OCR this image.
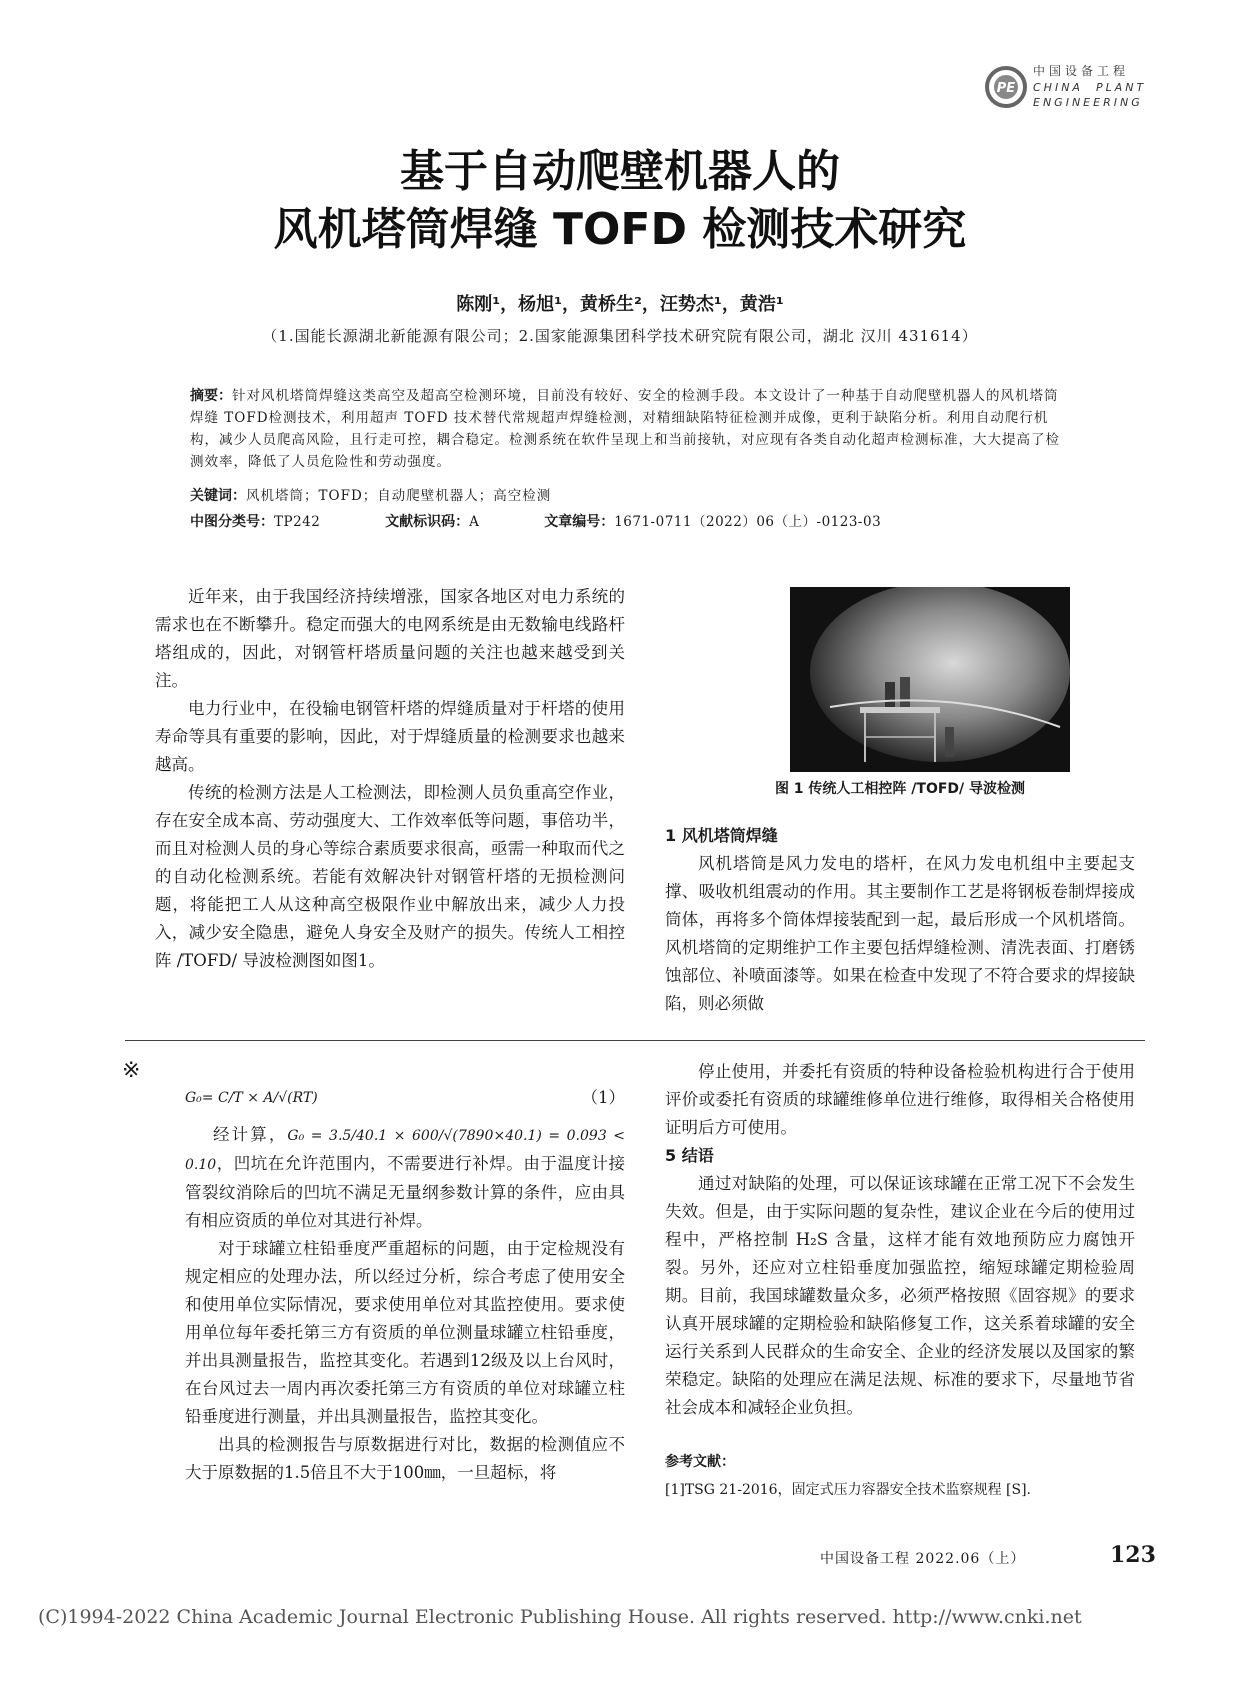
PE
中国设备工程
CHINA  PLANT
ENGINEERING
基于自动爬壁机器人的
风机塔筒焊缝 TOFD 检测技术研究
陈刚¹，杨旭¹，黄桥生²，汪势杰¹，黄浩¹
（1.国能长源湖北新能源有限公司；2.国家能源集团科学技术研究院有限公司，湖北 汉川 431614）
摘要：针对风机塔筒焊缝这类高空及超高空检测环境，目前没有较好、安全的检测手段。本文设计了一种基于自动爬壁机器人的风机塔筒焊缝 TOFD检测技术，利用超声 TOFD 技术替代常规超声焊缝检测，对精细缺陷特征检测并成像，更利于缺陷分析。利用自动爬行机构，减少人员爬高风险，且行走可控，耦合稳定。检测系统在软件呈现上和当前接轨，对应现有各类自动化超声检测标准，大大提高了检测效率，降低了人员危险性和劳动强度。
关键词：风机塔筒；TOFD；自动爬壁机器人；高空检测
中图分类号：TP242	文献标识码：A	文章编号：1671-0711（2022）06（上）-0123-03

近年来，由于我国经济持续增涨，国家各地区对电力系统的需求也在不断攀升。稳定而强大的电网系统是由无数输电线路杆塔组成的，因此，对钢管杆塔质量问题的关注也越来越受到关注。

电力行业中，在役输电钢管杆塔的焊缝质量对于杆塔的使用寿命等具有重要的影响，因此，对于焊缝质量的检测要求也越来越高。

传统的检测方法是人工检测法，即检测人员负重高空作业，存在安全成本高、劳动强度大、工作效率低等问题，事倍功半，而且对检测人员的身心等综合素质要求很高，亟需一种取而代之的自动化检测系统。若能有效解决针对钢管杆塔的无损检测问题，将能把工人从这种高空极限作业中解放出来，减少人力投入，减少安全隐患，避免人身安全及财产的损失。传统人工相控阵 /TOFD/ 导波检测图如图1。

图 1 传统人工相控阵 /TOFD/ 导波检测

1 风机塔筒焊缝

风机塔筒是风力发电的塔杆，在风力发电机组中主要起支撑、吸收机组震动的作用。其主要制作工艺是将钢板卷制焊接成筒体，再将多个筒体焊接装配到一起，最后形成一个风机塔筒。风机塔筒的定期维护工作主要包括焊缝检测、清洗表面、打磨锈蚀部位、补喷面漆等。如果在检查中发现了不符合要求的焊接缺陷，则必须做

※
G₀= C/T × A/√(RT)	（1）

经计算，G₀ = 3.5/40.1 × 600/√(7890×40.1) = 0.093 < 0.10，凹坑在允许范围内，不需要进行补焊。由于温度计接管裂纹消除后的凹坑不满足无量纲参数计算的条件，应由具有相应资质的单位对其进行补焊。

对于球罐立柱铅垂度严重超标的问题，由于定检规没有规定相应的处理办法，所以经过分析，综合考虑了使用安全和使用单位实际情况，要求使用单位对其监控使用。要求使用单位每年委托第三方有资质的单位测量球罐立柱铅垂度，并出具测量报告，监控其变化。若遇到12级及以上台风时，在台风过去一周内再次委托第三方有资质的单位对球罐立柱铅垂度进行测量，并出具测量报告，监控其变化。

出具的检测报告与原数据进行对比，数据的检测值应不大于原数据的1.5倍且不大于100㎜，一旦超标，将

停止使用，并委托有资质的特种设备检验机构进行合于使用评价或委托有资质的球罐维修单位进行维修，取得相关合格使用证明后方可使用。

5 结语

通过对缺陷的处理，可以保证该球罐在正常工况下不会发生失效。但是，由于实际问题的复杂性，建议企业在今后的使用过程中，严格控制 H₂S 含量，这样才能有效地预防应力腐蚀开裂。另外，还应对立柱铅垂度加强监控，缩短球罐定期检验周期。目前，我国球罐数量众多，必须严格按照《固容规》的要求认真开展球罐的定期检验和缺陷修复工作，这关系着球罐的安全运行关系到人民群众的生命安全、企业的经济发展以及国家的繁荣稳定。缺陷的处理应在满足法规、标准的要求下，尽量地节省社会成本和减轻企业负担。

参考文献：

[1]TSG 21-2016，固定式压力容器安全技术监察规程 [S].

中国设备工程 2022.06（上）	123
(C)1994-2022 China Academic Journal Electronic Publishing House. All rights reserved. http://www.cnki.net
